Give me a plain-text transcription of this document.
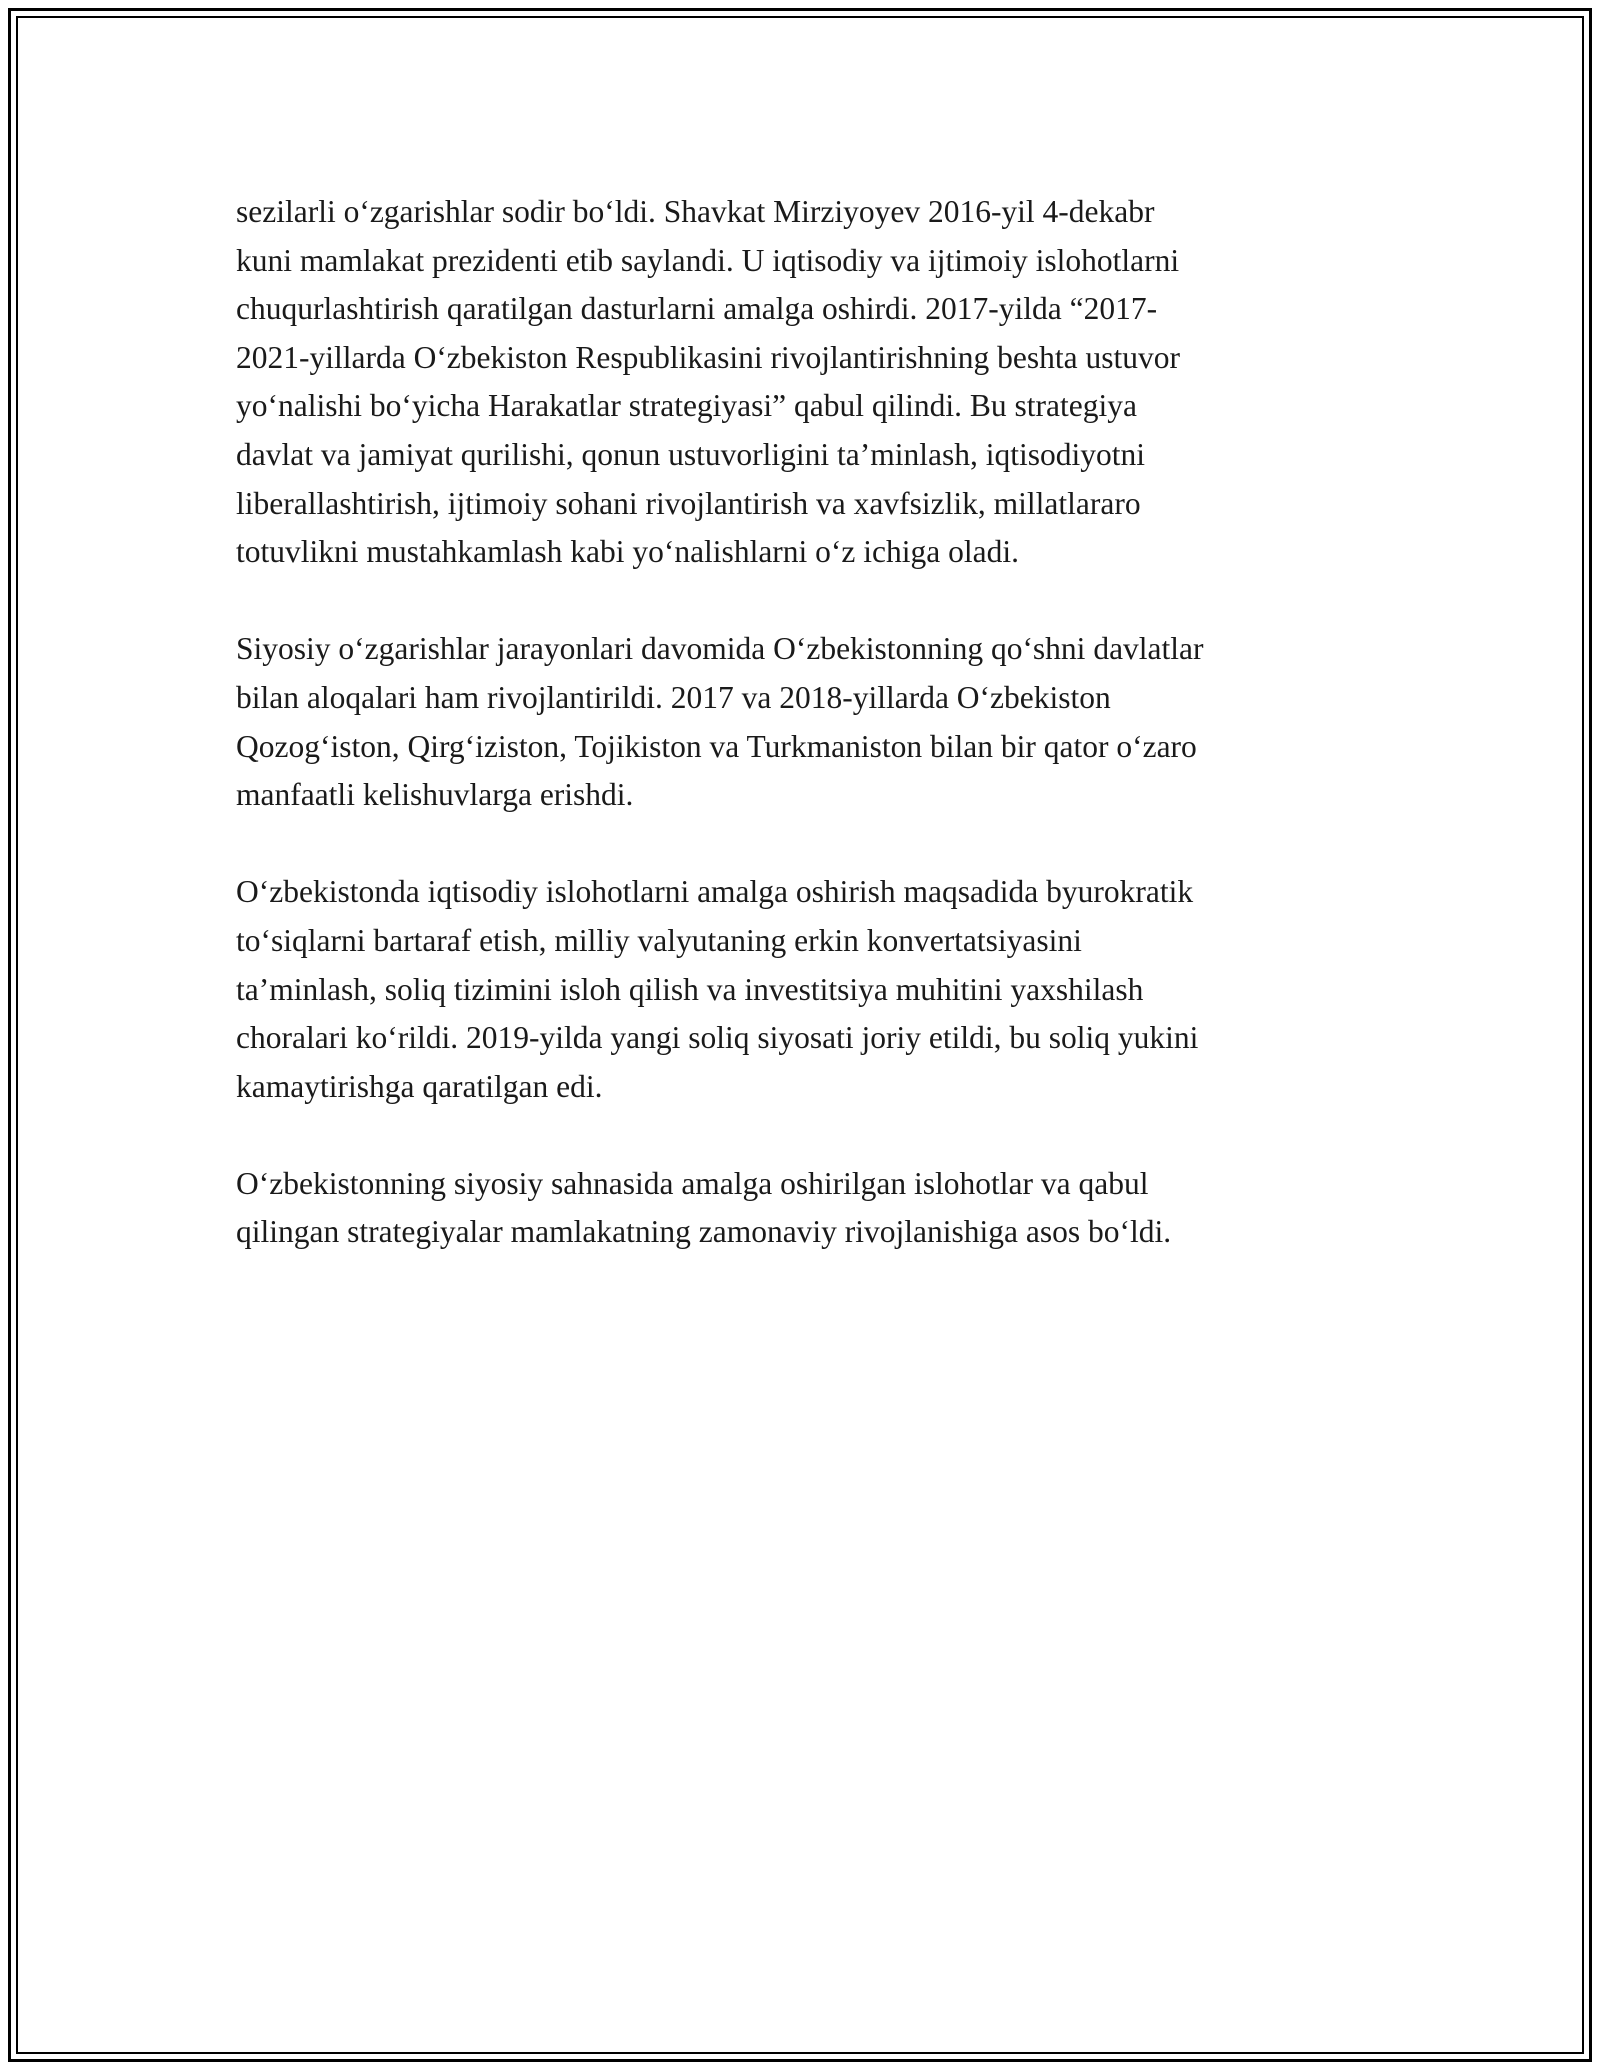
sezilarli o‘zgarishlar sodir bo‘ldi. Shavkat Mirziyoyev 2016-yil 4-dekabr
kuni mamlakat prezidenti etib saylandi. U iqtisodiy va ijtimoiy islohotlarni
chuqurlashtirish qaratilgan dasturlarni amalga oshirdi. 2017-yilda “2017-
2021-yillarda O‘zbekiston Respublikasini rivojlantirishning beshta ustuvor
yo‘nalishi bo‘yicha Harakatlar strategiyasi” qabul qilindi. Bu strategiya
davlat va jamiyat qurilishi, qonun ustuvorligini ta’minlash, iqtisodiyotni
liberallashtirish, ijtimoiy sohani rivojlantirish va xavfsizlik, millatlararo
totuvlikni mustahkamlash kabi yo‘nalishlarni o‘z ichiga oladi.

Siyosiy o‘zgarishlar jarayonlari davomida O‘zbekistonning qo‘shni davlatlar
bilan aloqalari ham rivojlantirildi. 2017 va 2018-yillarda O‘zbekiston
Qozog‘iston, Qirg‘iziston, Tojikiston va Turkmaniston bilan bir qator o‘zaro
manfaatli kelishuvlarga erishdi.

O‘zbekistonda iqtisodiy islohotlarni amalga oshirish maqsadida byurokratik
to‘siqlarni bartaraf etish, milliy valyutaning erkin konvertatsiyasini
ta’minlash, soliq tizimini isloh qilish va investitsiya muhitini yaxshilash
choralari ko‘rildi. 2019-yilda yangi soliq siyosati joriy etildi, bu soliq yukini
kamaytirishga qaratilgan edi.

O‘zbekistonning siyosiy sahnasida amalga oshirilgan islohotlar va qabul
qilingan strategiyalar mamlakatning zamonaviy rivojlanishiga asos bo‘ldi.
